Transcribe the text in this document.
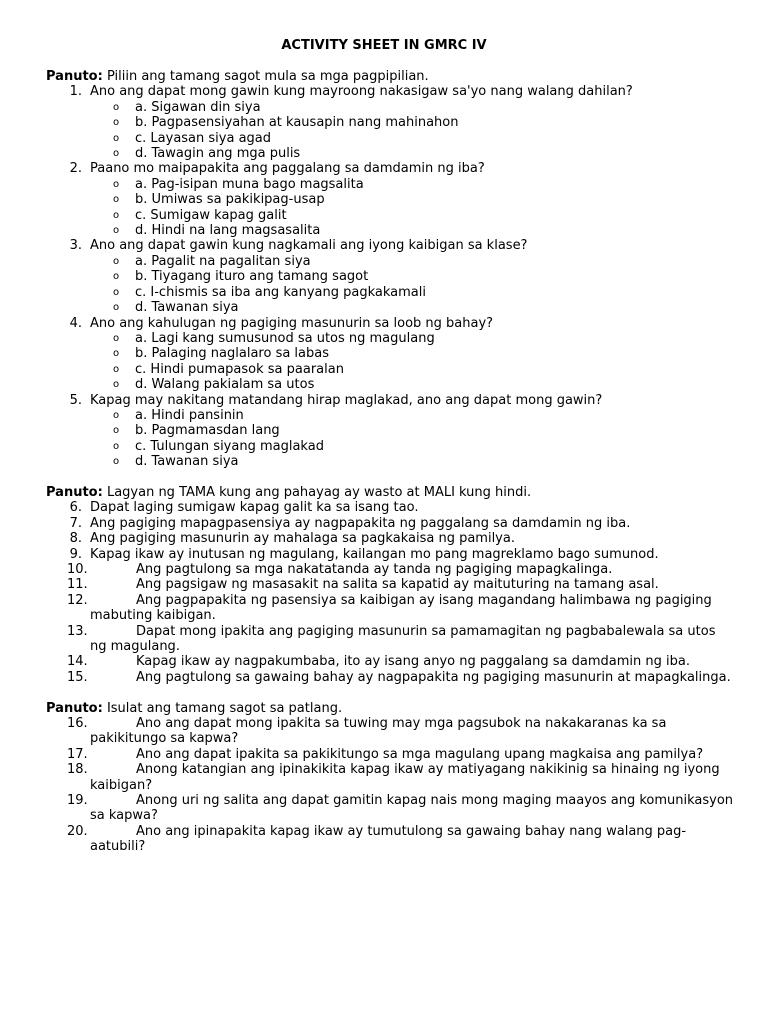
ACTIVITY SHEET IN GMRC IV

Panuto: Piliin ang tamang sagot mula sa mga pagpipilian.

1. Ano ang dapat mong gawin kung mayroong nakasigaw sa'yo nang walang dahilan?
o a. Sigawan din siya
o b. Pagpasensiyahan at kausapin nang mahinahon
o c. Layasan siya agad
o d. Tawagin ang mga pulis
2. Paano mo maipapakita ang paggalang sa damdamin ng iba?
o a. Pag-isipan muna bago magsalita
o b. Umiwas sa pakikipag-usap
o c. Sumigaw kapag galit
o d. Hindi na lang magsasalita
3. Ano ang dapat gawin kung nagkamali ang iyong kaibigan sa klase?
o a. Pagalit na pagalitan siya
o b. Tiyagang ituro ang tamang sagot
o c. I-chismis sa iba ang kanyang pagkakamali
o d. Tawanan siya
4. Ano ang kahulugan ng pagiging masunurin sa loob ng bahay?
o a. Lagi kang sumusunod sa utos ng magulang
o b. Palaging naglalaro sa labas
o c. Hindi pumapasok sa paaralan
o d. Walang pakialam sa utos
5. Kapag may nakitang matandang hirap maglakad, ano ang dapat mong gawin?
o a. Hindi pansinin
o b. Pagmamasdan lang
o c. Tulungan siyang maglakad
o d. Tawanan siya

Panuto: Lagyan ng TAMA kung ang pahayag ay wasto at MALI kung hindi.

6. Dapat laging sumigaw kapag galit ka sa isang tao.
7. Ang pagiging mapagpasensiya ay nagpapakita ng paggalang sa damdamin ng iba.
8. Ang pagiging masunurin ay mahalaga sa pagkakaisa ng pamilya.
9. Kapag ikaw ay inutusan ng magulang, kailangan mo pang magreklamo bago sumunod.
10.	Ang pagtulong sa mga nakatatanda ay tanda ng pagiging mapagkalinga.
11.	Ang pagsigaw ng masasakit na salita sa kapatid ay maituturing na tamang asal.
12.	Ang pagpapakita ng pasensiya sa kaibigan ay isang magandang halimbawa ng pagiging mabuting kaibigan.
13.	Dapat mong ipakita ang pagiging masunurin sa pamamagitan ng pagbabalewala sa utos ng magulang.
14.	Kapag ikaw ay nagpakumbaba, ito ay isang anyo ng paggalang sa damdamin ng iba.
15.	Ang pagtulong sa gawaing bahay ay nagpapakita ng pagiging masunurin at mapagkalinga.

Panuto: Isulat ang tamang sagot sa patlang.

16.	Ano ang dapat mong ipakita sa tuwing may mga pagsubok na nakakaranas ka sa pakikitungo sa kapwa?
17.	Ano ang dapat ipakita sa pakikitungo sa mga magulang upang magkaisa ang pamilya?
18.	Anong katangian ang ipinakikita kapag ikaw ay matiyagang nakikinig sa hinaing ng iyong kaibigan?
19.	Anong uri ng salita ang dapat gamitin kapag nais mong maging maayos ang komunikasyon sa kapwa?
20.	Ano ang ipinapakita kapag ikaw ay tumutulong sa gawaing bahay nang walang pag-aatubili?
